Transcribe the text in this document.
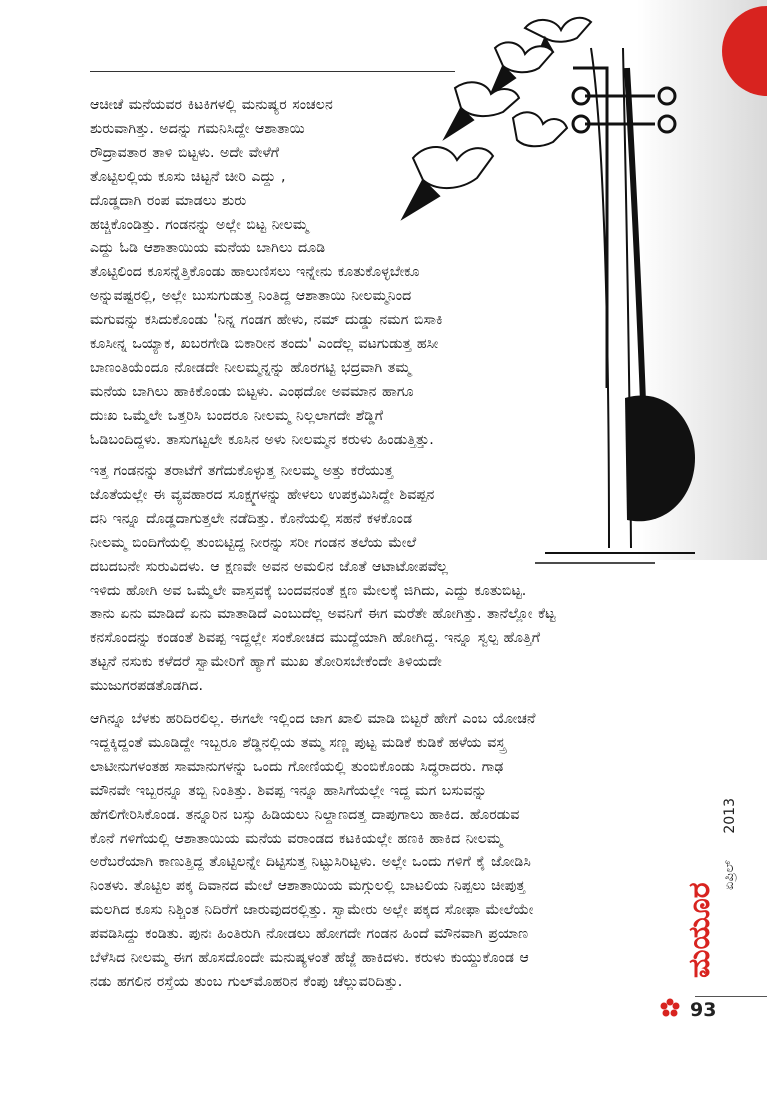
ಆಚೀಚೆ ಮನೆಯವರ ಕಿಟಕಿಗಳಲ್ಲಿ ಮನುಷ್ಯರ ಸಂಚಲನ
ಶುರುವಾಗಿತ್ತು. ಅದನ್ನು ಗಮನಿಸಿದ್ದೇ ಆಶಾತಾಯಿ
ರೌದ್ರಾವತಾರ ತಾಳಿ ಬಿಟ್ಟಳು. ಅದೇ ವೇಳೆಗೆ
ತೊಟ್ಟಿಲಲ್ಲಿಯ ಕೂಸು ಚಿಟ್ಟನೆ ಚೀರಿ ಎದ್ದು ,
ದೊಡ್ಡದಾಗಿ ರಂಪ ಮಾಡಲು ಶುರು
ಹಚ್ಚಿಕೊಂಡಿತ್ತು. ಗಂಡನನ್ನು ಅಲ್ಲೇ ಬಿಟ್ಟ ನೀಲಮ್ಮ
ಎದ್ದು ಓಡಿ ಆಶಾತಾಯಿಯ ಮನೆಯ ಬಾಗಿಲು ದೂಡಿ
ತೊಟ್ಟಿಲಿಂದ ಕೂಸನ್ನೆತ್ತಿಕೊಂಡು ಹಾಲುಣಿಸಲು ಇನ್ನೇನು ಕೂತುಕೊಳ್ಳಬೇಕೂ
ಅನ್ನುವಷ್ಟರಲ್ಲಿ, ಅಲ್ಲೇ ಬುಸುಗುಡುತ್ತ ನಿಂತಿದ್ದ ಆಶಾತಾಯಿ ನೀಲಮ್ಮನಿಂದ
ಮಗುವನ್ನು ಕಸಿದುಕೊಂಡು 'ನಿನ್ನ ಗಂಡಗ ಹೇಳು, ನಮ್ ದುಡ್ಡು ನಮಗ ಬಿಸಾಕಿ
ಕೂಸೀನ್ನ ಒಯ್ಯಾಕ, ಖಬರಗೇಡಿ ಬಿಕಾರೀನ ತಂದು' ಎಂದೆಲ್ಲ ವಟಗುಡುತ್ತ ಹಸೀ
ಬಾಣಂತಿಯೆಂದೂ ನೋಡದೇ ನೀಲಮ್ಮನ್ನನ್ನು ಹೊರಗಟ್ಟಿ ಭದ್ರವಾಗಿ ತಮ್ಮ
ಮನೆಯ ಬಾಗಿಲು ಹಾಕಿಕೊಂಡು ಬಿಟ್ಟಳು. ಎಂಥದೋ ಅವಮಾನ ಹಾಗೂ
ದುಃಖ ಒಮ್ಮೆಲೇ ಒತ್ತರಿಸಿ ಬಂದರೂ ನೀಲಮ್ಮ ನಿಲ್ಲಲಾಗದೇ ಶೆಡ್ಡಿಗೆ
ಓಡಿಬಂದಿದ್ದಳು. ತಾಸುಗಟ್ಟಲೇ ಕೂಸಿನ ಅಳು ನೀಲಮ್ಮನ ಕರುಳು ಹಿಂಡುತ್ತಿತ್ತು.
ಇತ್ತ ಗಂಡನನ್ನು ತರಾಟೆಗೆ ತಗೆದುಕೊಳ್ಳುತ್ತ ನೀಲಮ್ಮ ಅತ್ತು ಕರೆಯುತ್ತ
ಜೊತೆಯಲ್ಲೇ ಈ ವ್ಯವಹಾರದ ಸೂಕ್ಷ್ಮಗಳನ್ನು ಹೇಳಲು ಉಪಕ್ರಮಿಸಿದ್ದೇ ಶಿವಪ್ಪನ
ದನಿ ಇನ್ನೂ ದೊಡ್ಡದಾಗುತ್ತಲೇ ನಡೆದಿತ್ತು. ಕೊನೆಯಲ್ಲಿ ಸಹನೆ ಕಳಕೊಂಡ
ನೀಲಮ್ಮ ಬಿಂದಿಗೆಯಲ್ಲಿ ತುಂಬಿಟ್ಟಿದ್ದ ನೀರನ್ನು ಸರೀ ಗಂಡನ ತಲೆಯ ಮೇಲೆ
ದಬದಬನೇ ಸುರುವಿದಳು. ಆ ಕ್ಷಣವೇ ಅವನ ಅಮಲಿನ ಜೊತೆ ಆಟಾಟೋಪವೆಲ್ಲ
ಇಳಿದು ಹೋಗಿ ಅವ ಒಮ್ಮೆಲೇ ವಾಸ್ತವಕ್ಕೆ ಬಂದವನಂತೆ ಕ್ಷಣ ಮೇಲಕ್ಕೆ ಜಿಗಿದು, ಎದ್ದು ಕೂತುಬಿಟ್ಟ.
ತಾನು ಏನು ಮಾಡಿದೆ ಏನು ಮಾತಾಡಿದೆ ಎಂಬುದೆಲ್ಲ ಅವನಿಗೆ ಈಗ ಮರೆತೇ ಹೋಗಿತ್ತು. ತಾನೆಲ್ಲೋ ಕೆಟ್ಟ
ಕನಸೊಂದನ್ನು ಕಂಡಂತೆ ಶಿವಪ್ಪ ಇದ್ದಲ್ಲೇ ಸಂಕೋಚದ ಮುದ್ದೆಯಾಗಿ ಹೋಗಿದ್ದ. ಇನ್ನೂ ಸ್ವಲ್ಪ ಹೊತ್ತಿಗೆ
ತಟ್ಟನೆ ನಸುಕು ಕಳೆದರೆ ಸ್ವಾಮೇರಿಗೆ ಹ್ಯಾಗೆ ಮುಖ ತೋರಿಸಬೇಕೆಂದೇ ತಿಳಿಯದೇ
ಮುಜುಗರಪಡತೊಡಗಿದ.
ಆಗಿನ್ನೂ ಬೆಳಕು ಹರಿದಿರಲಿಲ್ಲ. ಈಗಲೇ ಇಲ್ಲಿಂದ ಜಾಗ ಖಾಲಿ ಮಾಡಿ ಬಿಟ್ಟರೆ ಹೇಗೆ ಎಂಬ ಯೋಚನೆ
ಇದ್ದಕ್ಕಿದ್ದಂತೆ ಮೂಡಿದ್ದೇ ಇಬ್ಬರೂ ಶೆಡ್ಡಿನಲ್ಲಿಯ ತಮ್ಮ ಸಣ್ಣ ಪುಟ್ಟ ಮಡಿಕೆ ಕುಡಿಕೆ ಹಳೆಯ ವಸ್ತ್ರ
ಲಾಟೀನುಗಳಂತಹ ಸಾಮಾನುಗಳನ್ನು ಒಂದು ಗೋಣಿಯಲ್ಲಿ ತುಂಬಿಕೊಂಡು ಸಿದ್ಧರಾದರು. ಗಾಢ
ಮೌನವೇ ಇಬ್ಬರನ್ನೂ ತಬ್ಬಿ ನಿಂತಿತ್ತು. ಶಿವಪ್ಪ ಇನ್ನೂ ಹಾಸಿಗೆಯಲ್ಲೇ ಇದ್ದ ಮಗ ಬಸುವನ್ನು
ಹೆಗಲಿಗೇರಿಸಿಕೊಂಡ. ತನ್ನೂರಿನ ಬಸ್ಸು ಹಿಡಿಯಲು ನಿಲ್ದಾಣದತ್ತ ದಾಪುಗಾಲು ಹಾಕಿದ. ಹೊರಡುವ
ಕೊನೆ ಗಳಿಗೆಯಲ್ಲಿ ಆಶಾತಾಯಿಯ ಮನೆಯ ವರಾಂಡದ ಕಟಕಿಯಲ್ಲೇ ಹಣಕಿ ಹಾಕಿದ ನೀಲಮ್ಮ
ಅರೆಬರೆಯಾಗಿ ಕಾಣುತ್ತಿದ್ದ ತೊಟ್ಟಿಲನ್ನೇ ದಿಟ್ಟಿಸುತ್ತ ನಿಟ್ಟುಸಿರಿಟ್ಟಳು. ಅಲ್ಲೇ ಒಂದು ಗಳಿಗೆ ಕೈ ಜೋಡಿಸಿ
ನಿಂತಳು. ತೊಟ್ಟಿಲ ಪಕ್ಕ ದಿವಾನದ ಮೇಲೆ ಆಶಾತಾಯಿಯ ಮಗ್ಗುಲಲ್ಲಿ ಬಾಟಲಿಯ ನಿಪ್ಪಲು ಚೀಪುತ್ತ
ಮಲಗಿದ ಕೂಸು ನಿಶ್ಚಿಂತ ನಿದಿರೆಗೆ ಜಾರುವುದರಲ್ಲಿತ್ತು. ಸ್ವಾಮೇರು ಅಲ್ಲೇ ಪಕ್ಕದ ಸೋಫಾ ಮೇಲೆಯೇ
ಪವಡಿಸಿದ್ದು ಕಂಡಿತು. ಪುನಃ ಹಿಂತಿರುಗಿ ನೋಡಲು ಹೋಗದೇ ಗಂಡನ ಹಿಂದೆ ಮೌನವಾಗಿ ಪ್ರಯಾಣ
ಬೆಳೆಸಿದ ನೀಲಮ್ಮ ಈಗ ಹೊಸದೊಂದೇ ಮನುಷ್ಯಳಂತೆ ಹೆಜ್ಜೆ ಹಾಕಿದಳು. ಕರುಳು ಕುಯ್ದುಕೊಂಡ ಆ
ನಡು ಹಗಲಿನ ರಸ್ತೆಯ ತುಂಬ ಗುಲ್‌ಮೊಹರಿನ ಕೆಂಪು ಚೆಲ್ಲುವರಿದಿತ್ತು.
2013
ಏಪ್ರಿಲ್
ಮಯೂರ
93
